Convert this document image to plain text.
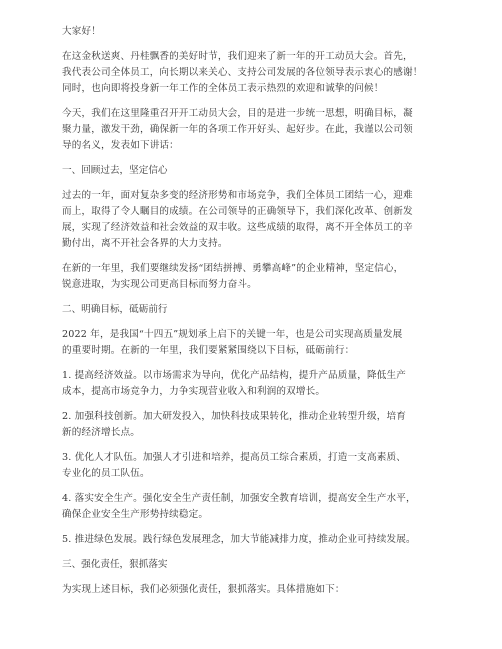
大家好！
在这金秋送爽、丹桂飘香的美好时节，我们迎来了新一年的开工动员大会。首先，
我代表公司全体员工，向长期以来关心、支持公司发展的各位领导表示衷心的感谢！
同时，也向即将投身新一年工作的全体员工表示热烈的欢迎和诚挚的问候！
今天，我们在这里隆重召开开工动员大会，目的是进一步统一思想，明确目标，凝
聚力量，激发干劲，确保新一年的各项工作开好头、起好步。在此，我谨以公司领
导的名义，发表如下讲话：
一、回顾过去，坚定信心
过去的一年，面对复杂多变的经济形势和市场竞争，我们全体员工团结一心，迎难
而上，取得了令人瞩目的成绩。在公司领导的正确领导下，我们深化改革、创新发
展，实现了经济效益和社会效益的双丰收。这些成绩的取得，离不开全体员工的辛
勤付出，离不开社会各界的大力支持。
在新的一年里，我们要继续发扬“团结拼搏、勇攀高峰”的企业精神，坚定信心，
锐意进取，为实现公司更高目标而努力奋斗。
二、明确目标，砥砺前行
2022 年，是我国“十四五”规划承上启下的关键一年，也是公司实现高质量发展
的重要时期。在新的一年里，我们要紧紧围绕以下目标，砥砺前行：
1. 提高经济效益。以市场需求为导向，优化产品结构，提升产品质量，降低生产
成本，提高市场竞争力，力争实现营业收入和利润的双增长。
2. 加强科技创新。加大研发投入，加快科技成果转化，推动企业转型升级，培育
新的经济增长点。
3. 优化人才队伍。加强人才引进和培养，提高员工综合素质，打造一支高素质、
专业化的员工队伍。
4. 落实安全生产。强化安全生产责任制，加强安全教育培训，提高安全生产水平，
确保企业安全生产形势持续稳定。
5. 推进绿色发展。践行绿色发展理念，加大节能减排力度，推动企业可持续发展。
三、强化责任，狠抓落实
为实现上述目标，我们必须强化责任，狠抓落实。具体措施如下：
